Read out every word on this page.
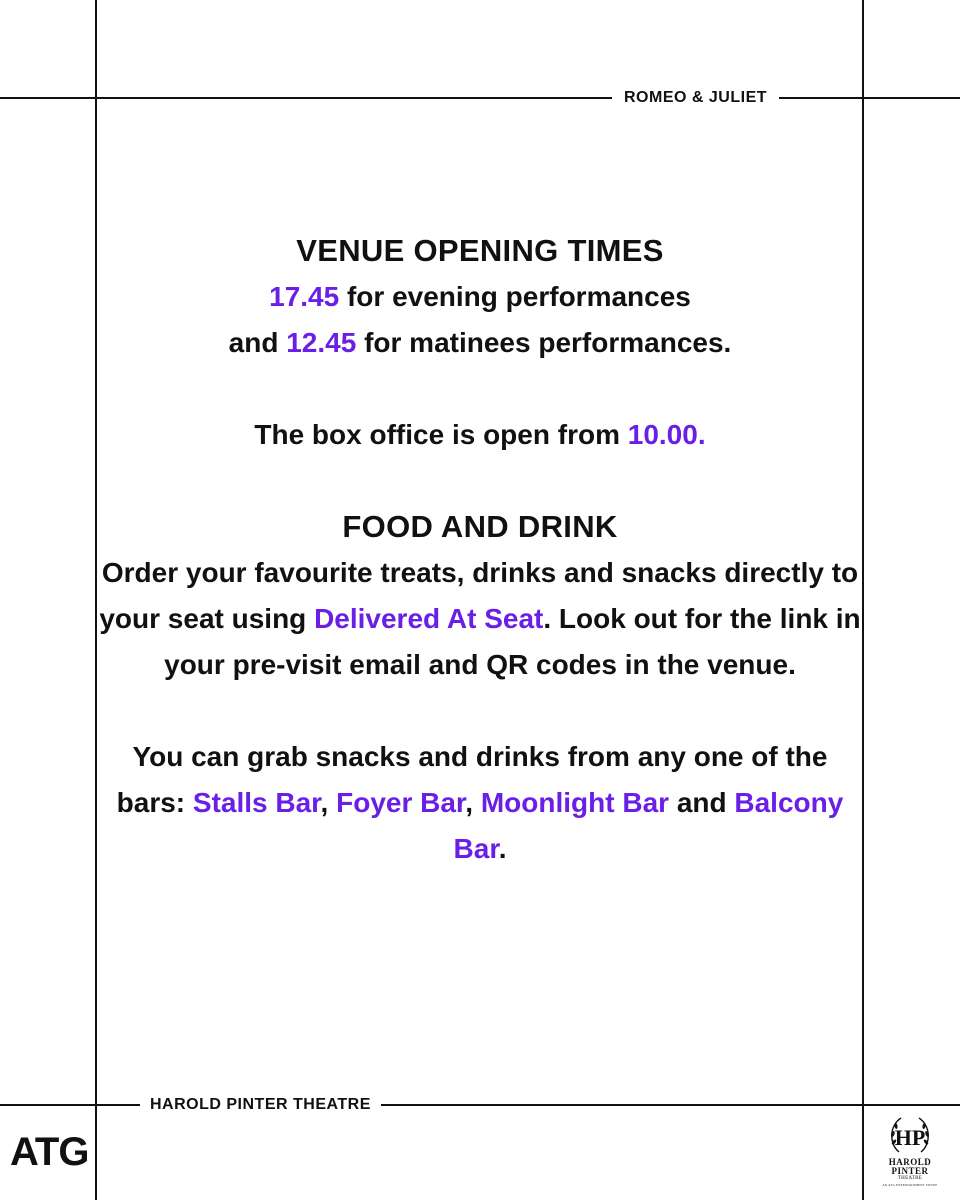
ROMEO & JULIET
HAROLD PINTER THEATRE

VENUE OPENING TIMES

17.45 for evening performances

and 12.45 for matinees performances.

The box office is open from 10.00.

FOOD AND DRINK

Order your favourite treats, drinks and snacks directly to your seat using Delivered At Seat. Look out for the link in your pre-visit email and QR codes in the venue.

You can grab snacks and drinks from any one of the bars: Stalls Bar, Foyer Bar, Moonlight Bar and Balcony Bar.

ATG	HP
HAROLD
PINTER
THEATRE
AN ATG ENTERTAINMENT VENUE
